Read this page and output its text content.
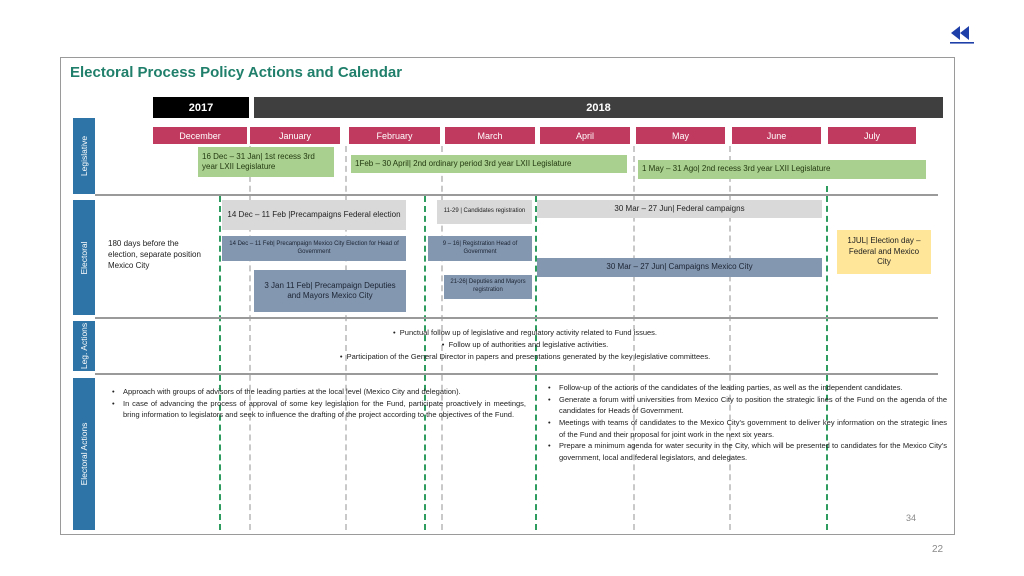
Electoral Process Policy Actions and Calendar
2017	2018
December	January	February	March	April	May	June	July
Legislative
Electoral
Leg. Actions
Electoral Actions
16 Dec – 31 Jan| 1st recess 3rd year LXII Legislature	1Feb – 30 April| 2nd ordinary period 3rd year LXII Legislature
1 May – 31 Ago| 2nd recess 3rd year LXII Legislature
180 days before the election, separate position Mexico City
14 Dec – 11 Feb |Precampaigns Federal election	11-29 | Candidates registration	30 Mar – 27 Jun| Federal campaigns
14 Dec – 11 Feb| Precampaign Mexico City Election for Head of Government
9 – 16| Registration Head of Government
1JUL| Election day – Federal and Mexico City
30 Mar – 27 Jun| Campaigns Mexico City
3 Jan 11 Feb| Precampaign Deputies and Mayors Mexico City
21-26| Deputies and Mayors registration
•  Punctual follow up of legislative and regulatory activity related to Fund issues.
•  Follow up of authorities and legislative activities.
•  Participation of the General Director in papers and presentations generated by the key legislative committees.
• Approach with groups of advisors of the leading parties at the local level (Mexico City and delegation).
• In case of advancing the process of approval of some key legislation for the Fund, participate proactively in meetings, bring information to legislators and seek to influence the drafting of the project according to the objectives of the Fund.
• Follow-up of the actions of the candidates of the leading parties, as well as the independent candidates.
• Generate a forum with universities from Mexico City to position the strategic lines of the Fund on the agenda of the candidates for Heads of Government.
• Meetings with teams of candidates to the Mexico City's government to deliver key information on the strategic lines of the Fund and their proposal for joint work in the next six years.
• Prepare a minimum agenda for water security in the City, which will be presented to candidates for the Mexico City's government, local and federal legislators, and delegates.
34
22
